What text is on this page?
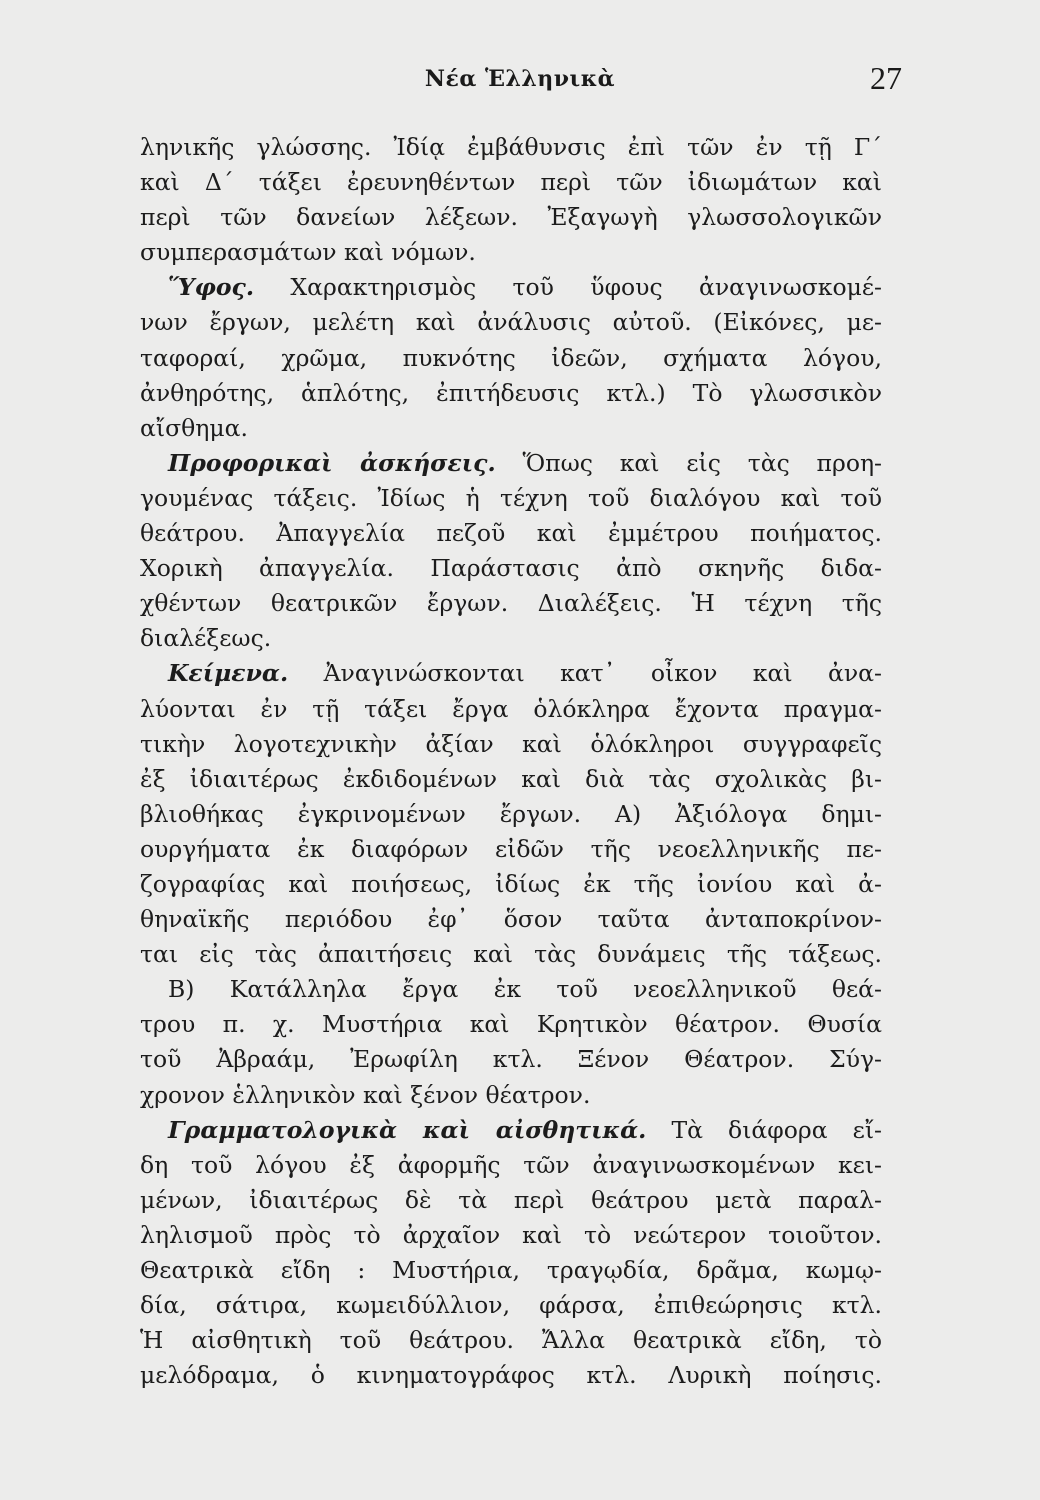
Νέα Ἑλληνικὰ	27
ληνικῆς γλώσσης. Ἰδίᾳ ἐμβάθυνσις ἐπὶ τῶν ἐν τῇ Γ΄
καὶ Δ΄ τάξει ἐρευνηθέντων περὶ τῶν ἰδιωμάτων καὶ
περὶ τῶν δανείων λέξεων. Ἐξαγωγὴ γλωσσολογικῶν
συμπερασμάτων καὶ νόμων.
Ὕφος. Χαρακτηρισμὸς τοῦ ὕφους ἀναγινωσκομέ-
νων ἔργων, μελέτη καὶ ἀνάλυσις αὐτοῦ. (Εἰκόνες, με-
ταφοραί, χρῶμα, πυκνότης ἰδεῶν, σχήματα λόγου,
ἀνθηρότης, ἁπλότης, ἐπιτήδευσις κτλ.) Τὸ γλωσσικὸν
αἴσθημα.
Προφορικαὶ ἀσκήσεις. Ὅπως καὶ εἰς τὰς προη-
γουμένας τάξεις. Ἰδίως ἡ τέχνη τοῦ διαλόγου καὶ τοῦ
θεάτρου. Ἀπαγγελία πεζοῦ καὶ ἐμμέτρου ποιήματος.
Χορικὴ ἀπαγγελία. Παράστασις ἀπὸ σκηνῆς διδα-
χθέντων θεατρικῶν ἔργων. Διαλέξεις. Ἡ τέχνη τῆς
διαλέξεως.
Κείμενα. Ἀναγινώσκονται κατ᾽ οἶκον καὶ ἀνα-
λύονται ἐν τῇ τάξει ἔργα ὁλόκληρα ἔχοντα πραγμα-
τικὴν λογοτεχνικὴν ἀξίαν καὶ ὁλόκληροι συγγραφεῖς
ἐξ ἰδιαιτέρως ἐκδιδομένων καὶ διὰ τὰς σχολικὰς βι-
βλιοθήκας ἐγκρινομένων ἔργων. Α) Ἀξιόλογα δημι-
ουργήματα ἐκ διαφόρων εἰδῶν τῆς νεοελληνικῆς πε-
ζογραφίας καὶ ποιήσεως, ἰδίως ἐκ τῆς ἰονίου καὶ ἀ-
θηναϊκῆς περιόδου ἐφ᾽ ὅσον ταῦτα ἀνταποκρίνον-
ται εἰς τὰς ἀπαιτήσεις καὶ τὰς δυνάμεις τῆς τάξεως.
Β) Κατάλληλα ἔργα ἐκ τοῦ νεοελληνικοῦ θεά-
τρου π. χ. Μυστήρια καὶ Κρητικὸν θέατρον. Θυσία
τοῦ Ἀβραάμ, Ἐρωφίλη κτλ. Ξένον Θέατρον. Σύγ-
χρονον ἑλληνικὸν καὶ ξένον θέατρον.
Γραμματολογικὰ καὶ αἰσθητικά. Τὰ διάφορα εἴ-
δη τοῦ λόγου ἐξ ἀφορμῆς τῶν ἀναγινωσκομένων κει-
μένων, ἰδιαιτέρως δὲ τὰ περὶ θεάτρου μετὰ παραλ-
ληλισμοῦ πρὸς τὸ ἀρχαῖον καὶ τὸ νεώτερον τοιοῦτον.
Θεατρικὰ εἴδη : Μυστήρια, τραγῳδία, δρᾶμα, κωμῳ-
δία, σάτιρα, κωμειδύλλιον, φάρσα, ἐπιθεώρησις κτλ.
Ἡ αἰσθητικὴ τοῦ θεάτρου. Ἄλλα θεατρικὰ εἴδη, τὸ
μελόδραμα, ὁ κινηματογράφος κτλ. Λυρικὴ ποίησις.
